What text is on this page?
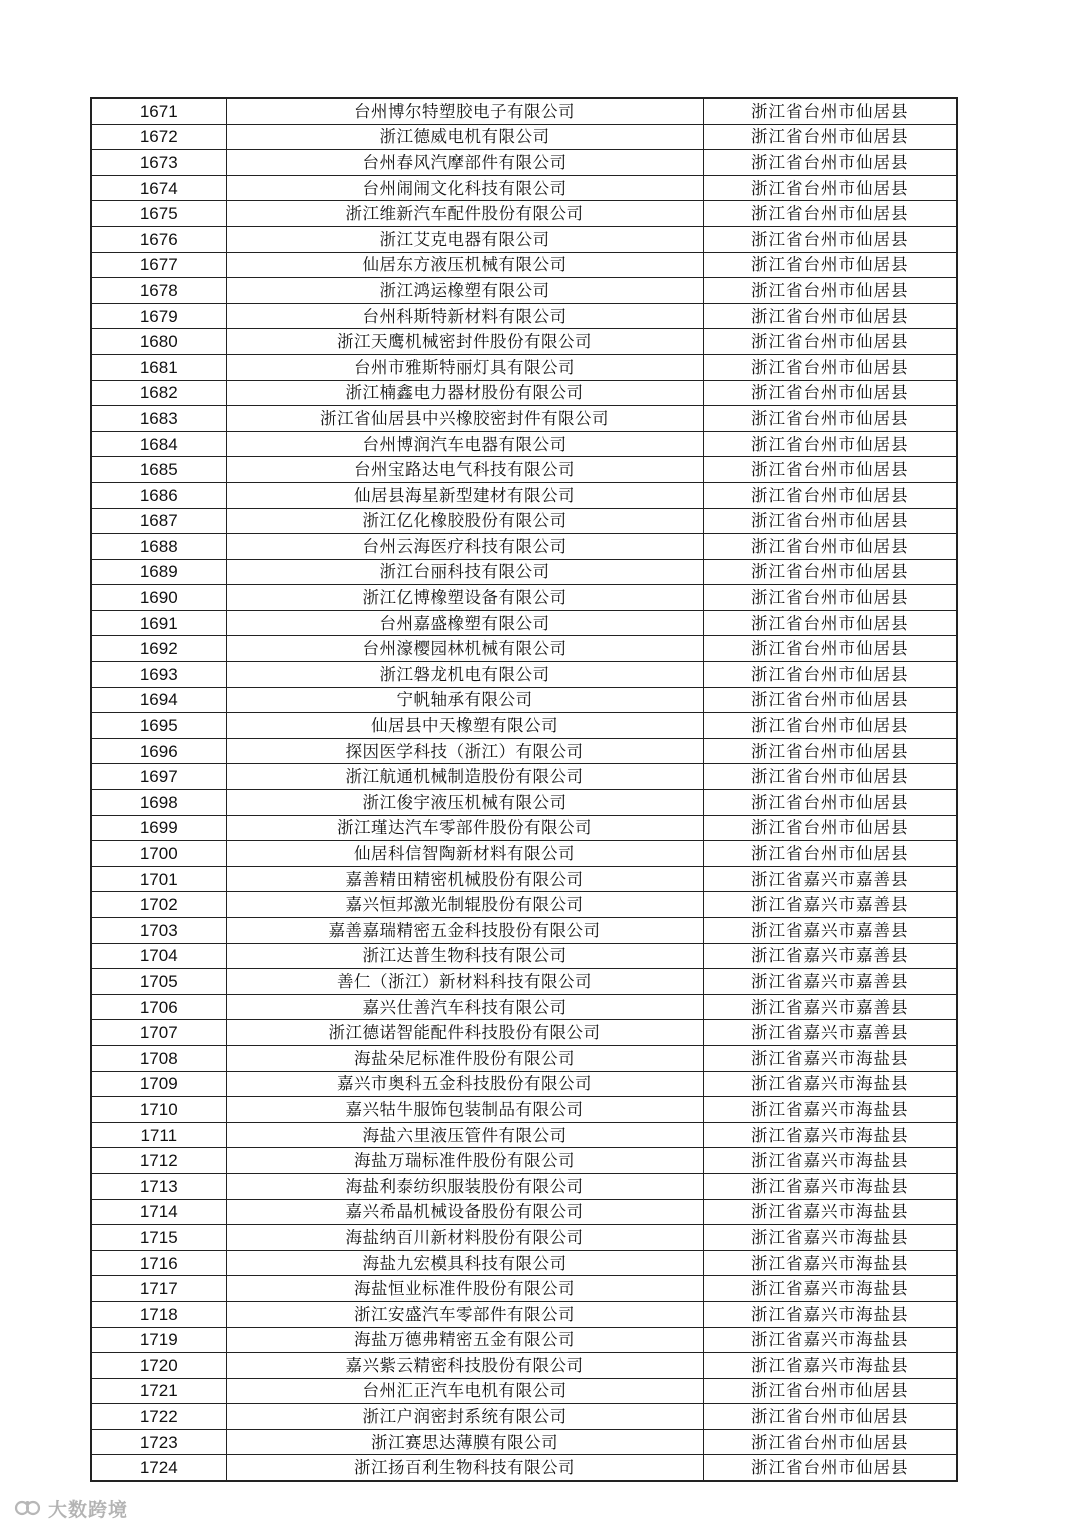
1671	台州博尔特塑胶电子有限公司	浙江省台州市仙居县
1672	浙江德威电机有限公司	浙江省台州市仙居县
1673	台州春风汽摩部件有限公司	浙江省台州市仙居县
1674	台州闹闹文化科技有限公司	浙江省台州市仙居县
1675	浙江维新汽车配件股份有限公司	浙江省台州市仙居县
1676	浙江艾克电器有限公司	浙江省台州市仙居县
1677	仙居东方液压机械有限公司	浙江省台州市仙居县
1678	浙江鸿运橡塑有限公司	浙江省台州市仙居县
1679	台州科斯特新材料有限公司	浙江省台州市仙居县
1680	浙江天鹰机械密封件股份有限公司	浙江省台州市仙居县
1681	台州市雅斯特丽灯具有限公司	浙江省台州市仙居县
1682	浙江楠鑫电力器材股份有限公司	浙江省台州市仙居县
1683	浙江省仙居县中兴橡胶密封件有限公司	浙江省台州市仙居县
1684	台州博润汽车电器有限公司	浙江省台州市仙居县
1685	台州宝路达电气科技有限公司	浙江省台州市仙居县
1686	仙居县海星新型建材有限公司	浙江省台州市仙居县
1687	浙江亿化橡胶股份有限公司	浙江省台州市仙居县
1688	台州云海医疗科技有限公司	浙江省台州市仙居县
1689	浙江台丽科技有限公司	浙江省台州市仙居县
1690	浙江亿博橡塑设备有限公司	浙江省台州市仙居县
1691	台州嘉盛橡塑有限公司	浙江省台州市仙居县
1692	台州濠樱园林机械有限公司	浙江省台州市仙居县
1693	浙江磐龙机电有限公司	浙江省台州市仙居县
1694	宁帆轴承有限公司	浙江省台州市仙居县
1695	仙居县中天橡塑有限公司	浙江省台州市仙居县
1696	探因医学科技（浙江）有限公司	浙江省台州市仙居县
1697	浙江航通机械制造股份有限公司	浙江省台州市仙居县
1698	浙江俊宇液压机械有限公司	浙江省台州市仙居县
1699	浙江瑾达汽车零部件股份有限公司	浙江省台州市仙居县
1700	仙居科信智陶新材料有限公司	浙江省台州市仙居县
1701	嘉善精田精密机械股份有限公司	浙江省嘉兴市嘉善县
1702	嘉兴恒邦激光制辊股份有限公司	浙江省嘉兴市嘉善县
1703	嘉善嘉瑞精密五金科技股份有限公司	浙江省嘉兴市嘉善县
1704	浙江达普生物科技有限公司	浙江省嘉兴市嘉善县
1705	善仁（浙江）新材料科技有限公司	浙江省嘉兴市嘉善县
1706	嘉兴仕善汽车科技有限公司	浙江省嘉兴市嘉善县
1707	浙江德诺智能配件科技股份有限公司	浙江省嘉兴市嘉善县
1708	海盐朵尼标准件股份有限公司	浙江省嘉兴市海盐县
1709	嘉兴市奥科五金科技股份有限公司	浙江省嘉兴市海盐县
1710	嘉兴牯牛服饰包装制品有限公司	浙江省嘉兴市海盐县
1711	海盐六里液压管件有限公司	浙江省嘉兴市海盐县
1712	海盐万瑞标准件股份有限公司	浙江省嘉兴市海盐县
1713	海盐利泰纺织服装股份有限公司	浙江省嘉兴市海盐县
1714	嘉兴希晶机械设备股份有限公司	浙江省嘉兴市海盐县
1715	海盐纳百川新材料股份有限公司	浙江省嘉兴市海盐县
1716	海盐九宏模具科技有限公司	浙江省嘉兴市海盐县
1717	海盐恒业标准件股份有限公司	浙江省嘉兴市海盐县
1718	浙江安盛汽车零部件有限公司	浙江省嘉兴市海盐县
1719	海盐万德弗精密五金有限公司	浙江省嘉兴市海盐县
1720	嘉兴紫云精密科技股份有限公司	浙江省嘉兴市海盐县
1721	台州汇正汽车电机有限公司	浙江省台州市仙居县
1722	浙江户润密封系统有限公司	浙江省台州市仙居县
1723	浙江赛思达薄膜有限公司	浙江省台州市仙居县
1724	浙江扬百利生物科技有限公司	浙江省台州市仙居县
大数跨境
